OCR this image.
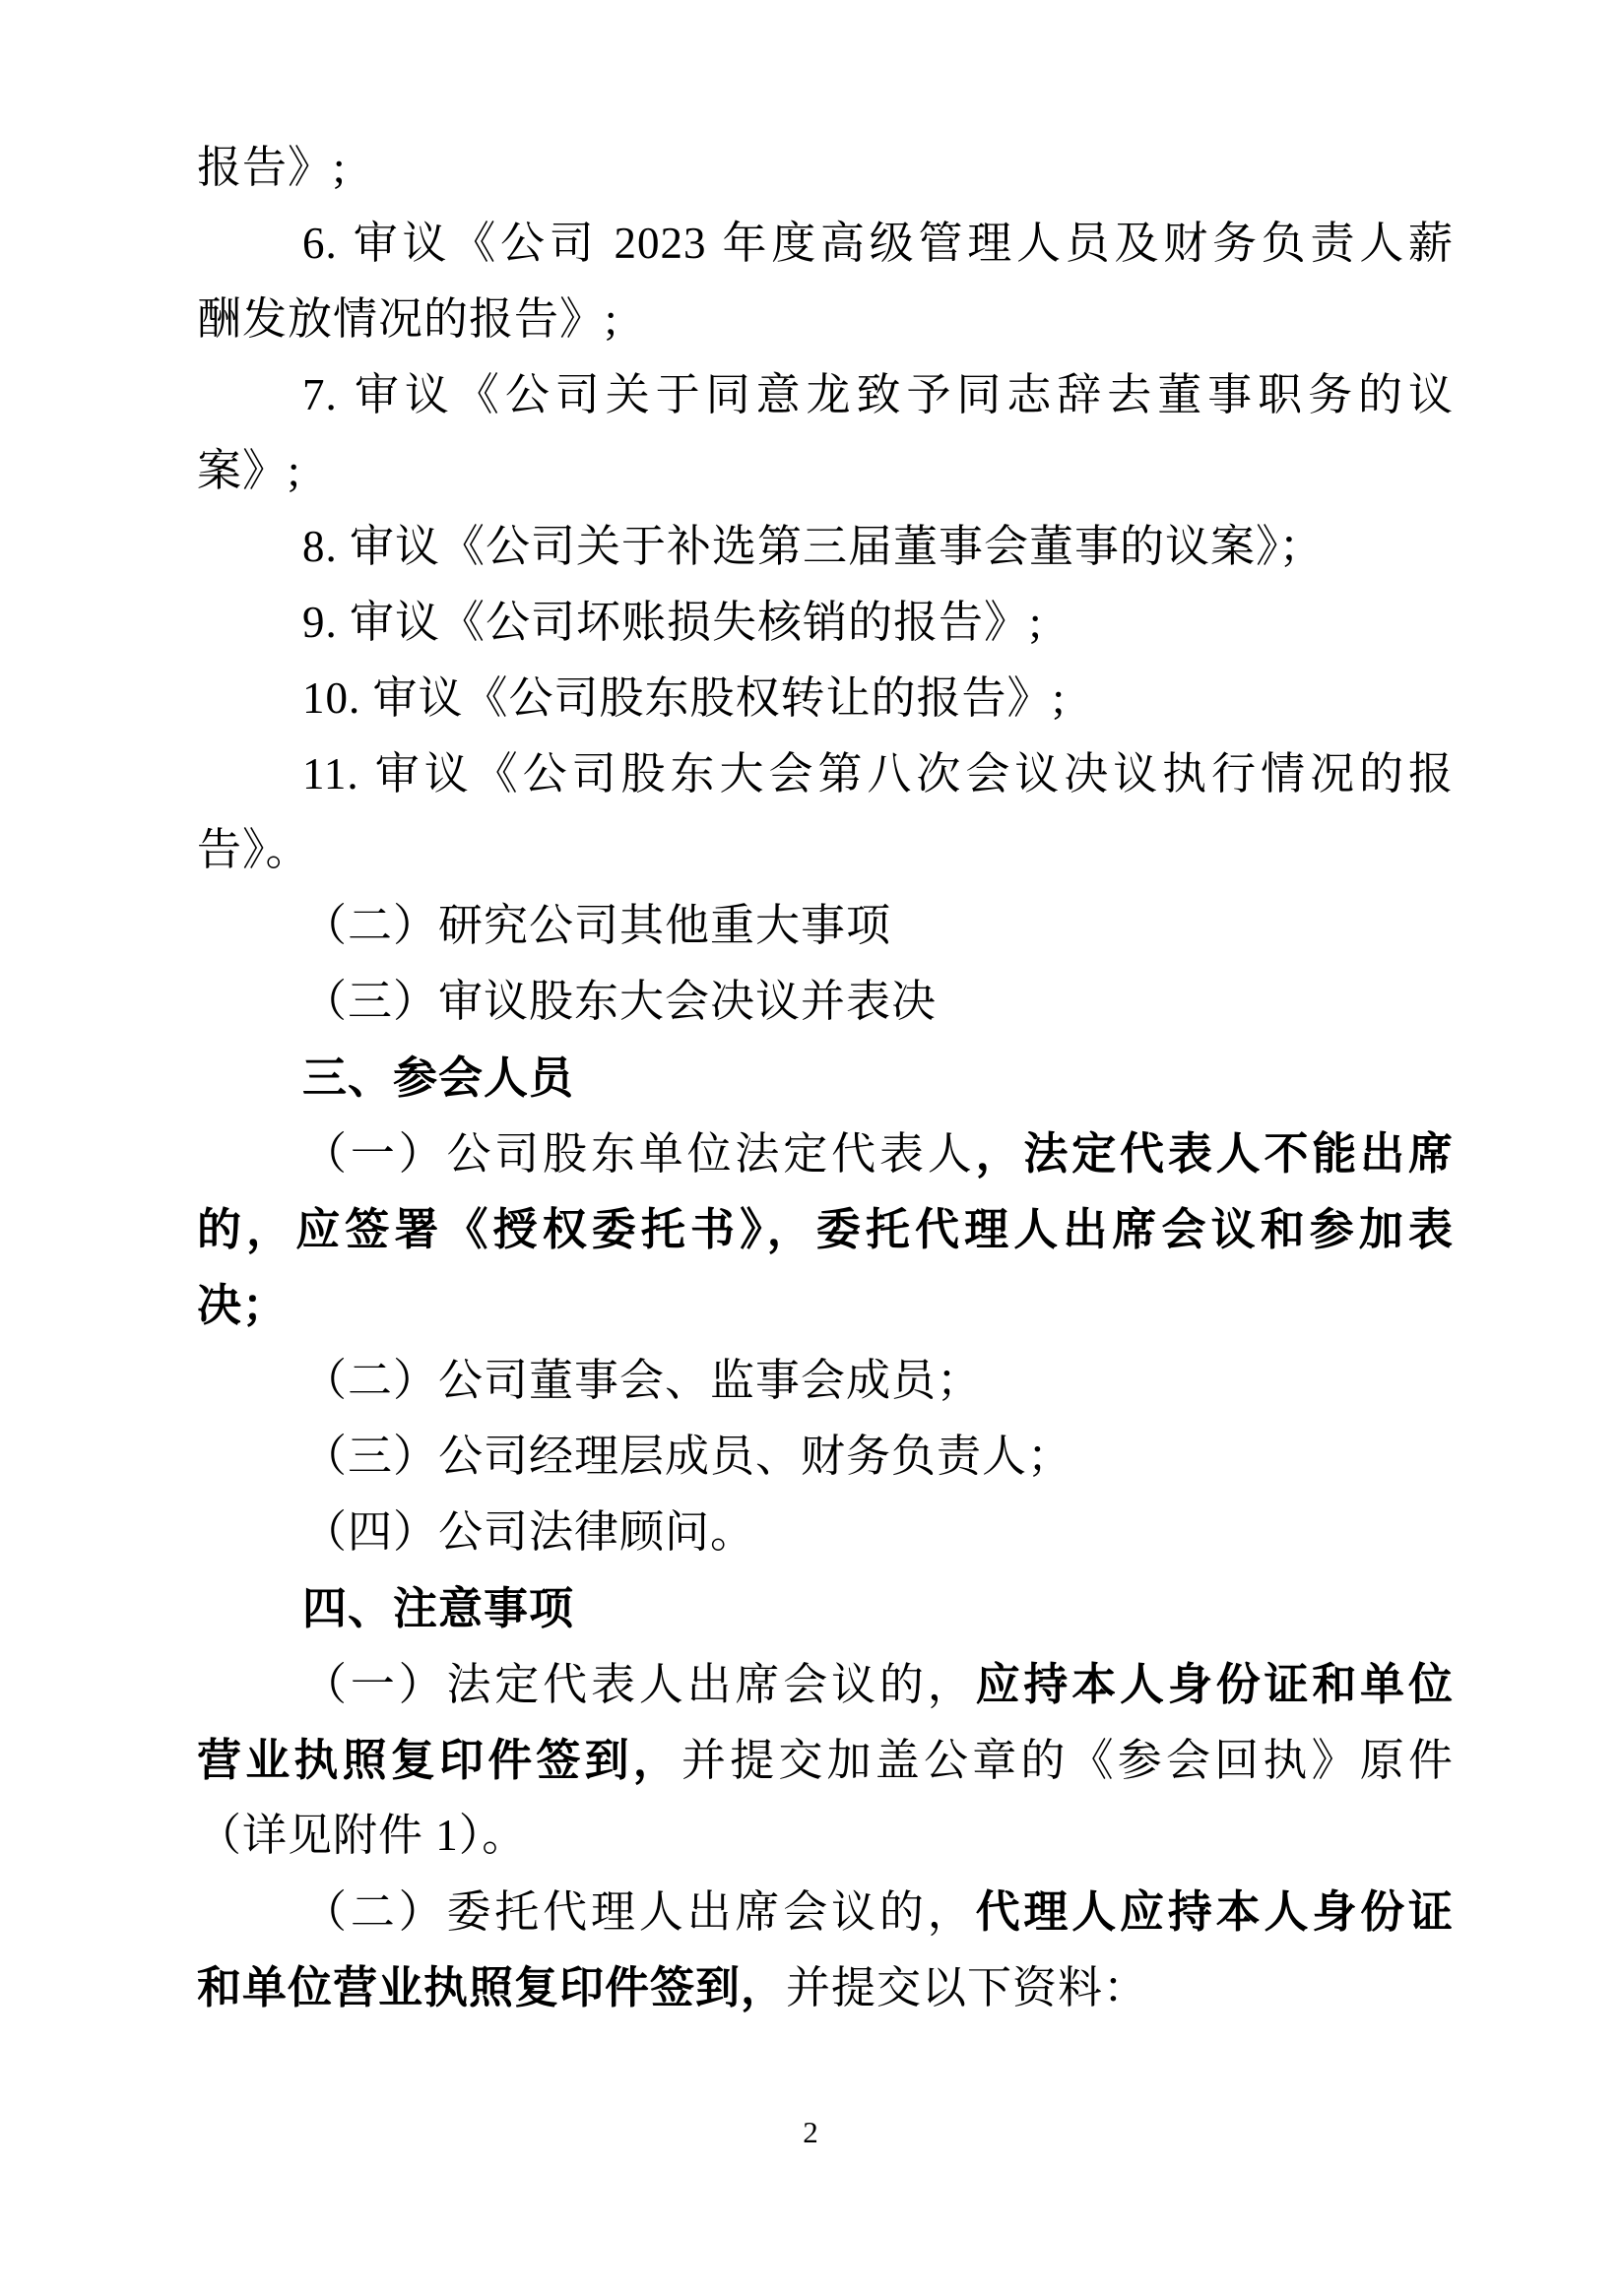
报告》;
6. 审议《公司 2023 年度高级管理人员及财务负责人薪
酬发放情况的报告》;
7. 审议《公司关于同意龙致予同志辞去董事职务的议
案》;
8. 审议《公司关于补选第三届董事会董事的议案》；
9. 审议《公司坏账损失核销的报告》;
10. 审议《公司股东股权转让的报告》;
11. 审议《公司股东大会第八次会议决议执行情况的报
告》。
（二）研究公司其他重大事项
（三）审议股东大会决议并表决
三、参会人员
（一）公司股东单位法定代表人，法定代表人不能出席
的，应签署《授权委托书》，委托代理人出席会议和参加表
决；
（二）公司董事会、监事会成员；
（三）公司经理层成员、财务负责人；
（四）公司法律顾问。
四、注意事项
（一）法定代表人出席会议的，应持本人身份证和单位
营业执照复印件签到，并提交加盖公章的《参会回执》原件
（详见附件 1）。
（二）委托代理人出席会议的，代理人应持本人身份证
和单位营业执照复印件签到，并提交以下资料：
2
